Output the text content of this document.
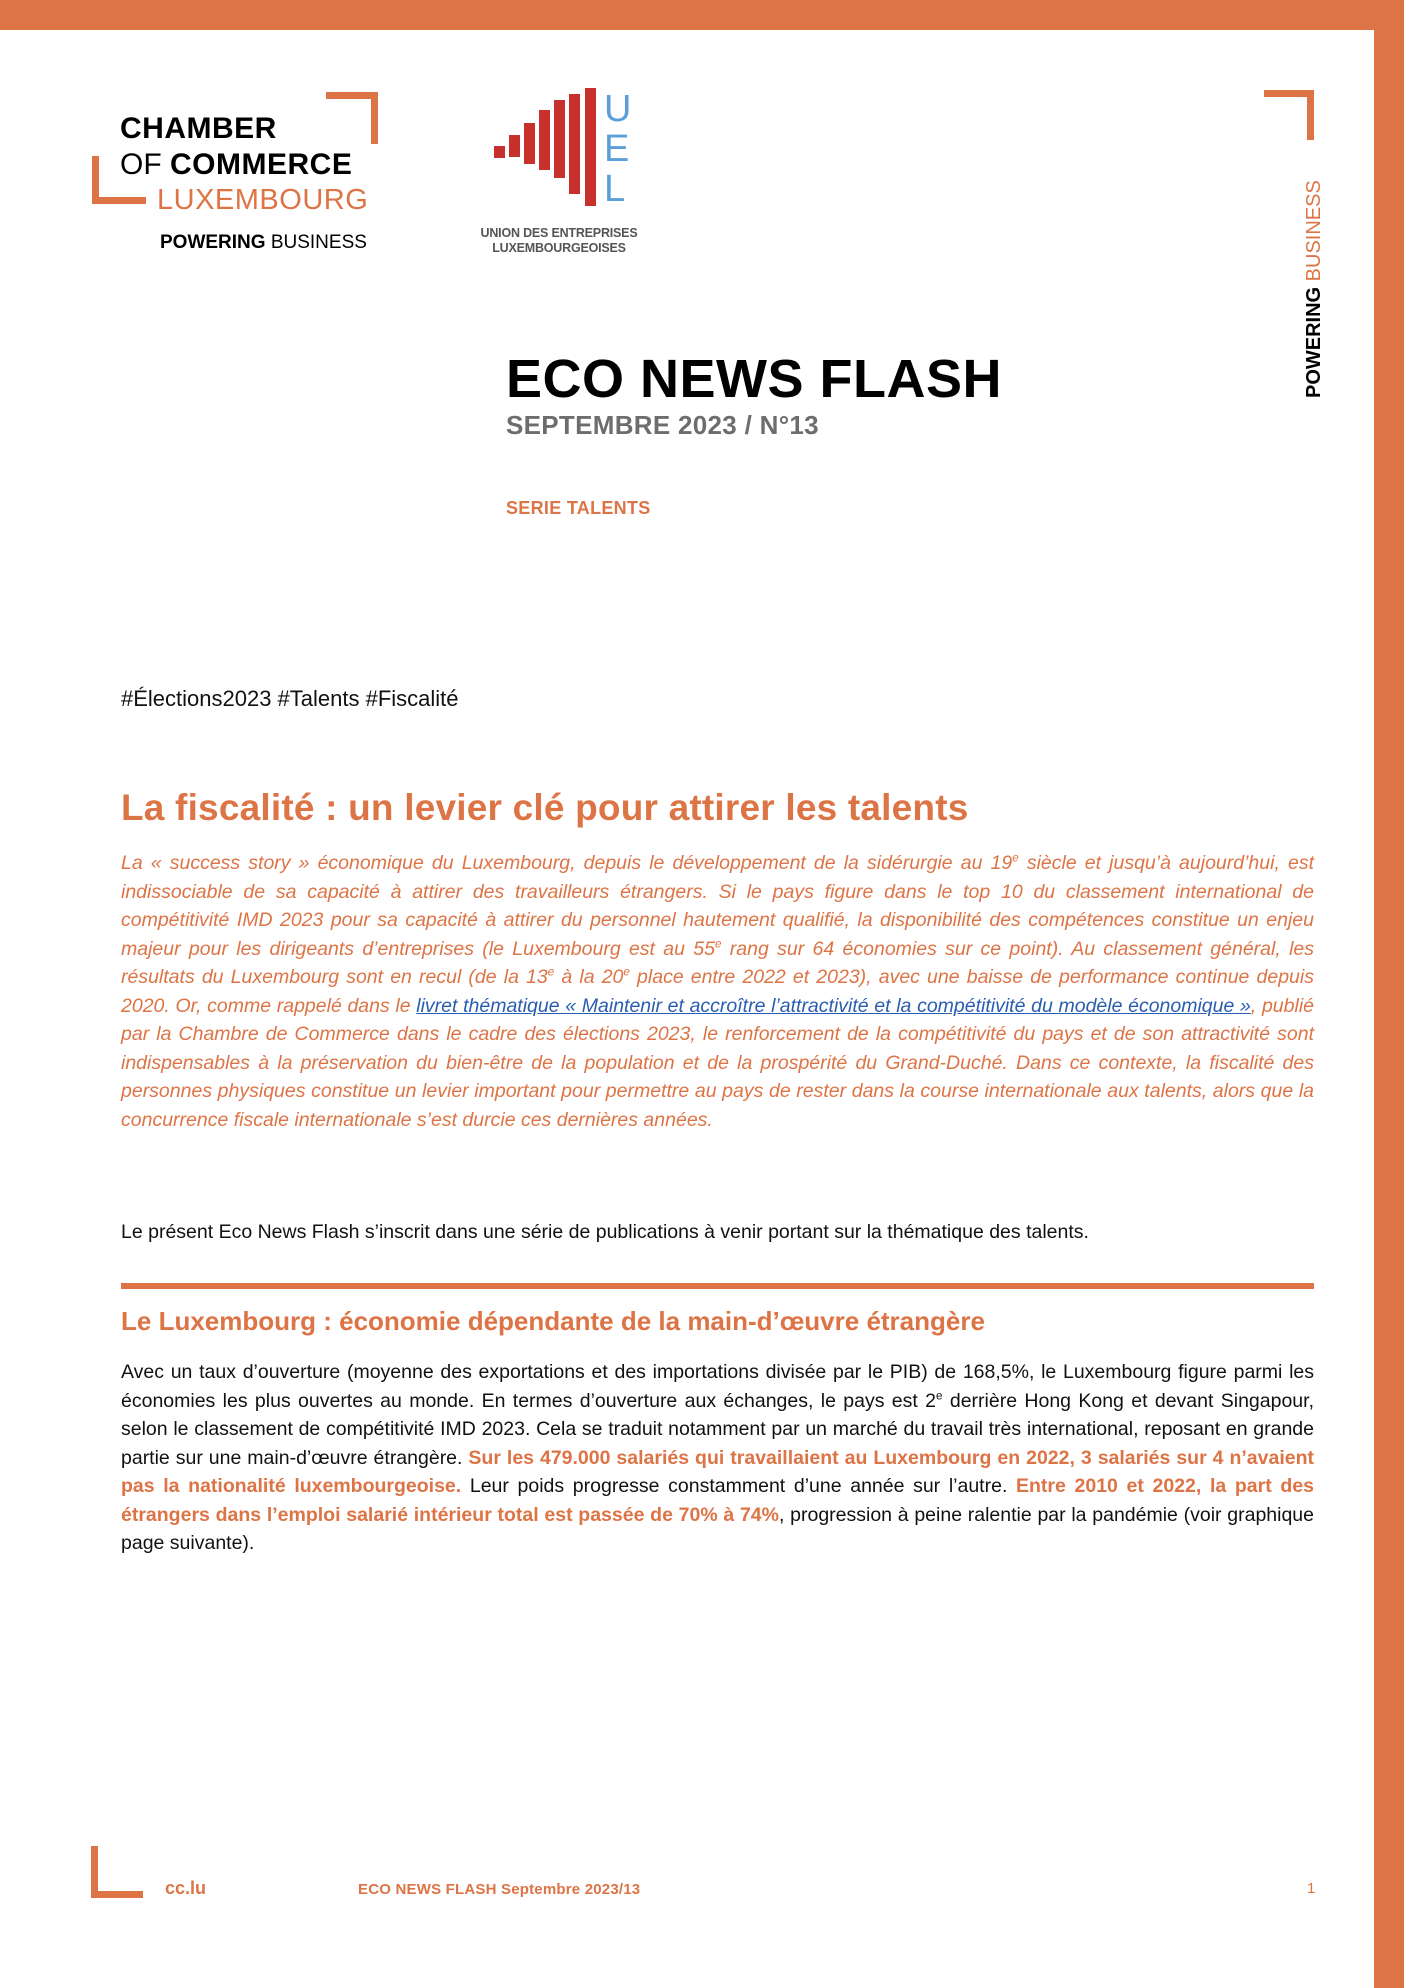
CHAMBER
OF COMMERCE
LUXEMBOURG
POWERING BUSINESS
U
E
L
UNION DES ENTREPRISES
LUXEMBOURGEOISES
POWERING BUSINESS
ECO NEWS FLASH
SEPTEMBRE 2023 / N°13
SERIE TALENTS
#Élections2023 #Talents #Fiscalité
La fiscalité : un levier clé pour attirer les talents

La « success story » économique du Luxembourg, depuis le développement de la sidérurgie au 19e siècle et jusqu’à aujourd’hui, est indissociable de sa capacité à attirer des travailleurs étrangers. Si le pays figure dans le top 10 du classement international de compétitivité IMD 2023 pour sa capacité à attirer du personnel hautement qualifié, la disponibilité des compétences constitue un enjeu majeur pour les dirigeants d’entreprises (le Luxembourg est au 55e rang sur 64 économies sur ce point). Au classement général, les résultats du Luxembourg sont en recul (de la 13e à la 20e place entre 2022 et 2023), avec une baisse de performance continue depuis 2020. Or, comme rappelé dans le livret thématique « Maintenir et accroître l’attractivité et la compétitivité du modèle économique », publié par la Chambre de Commerce dans le cadre des élections 2023, le renforcement de la compétitivité du pays et de son attractivité sont indispensables à la préservation du bien-être de la population et de la prospérité du Grand-Duché. Dans ce contexte, la fiscalité des personnes physiques constitue un levier important pour permettre au pays de rester dans la course internationale aux talents, alors que la concurrence fiscale internationale s’est durcie ces dernières années.

Le présent Eco News Flash s’inscrit dans une série de publications à venir portant sur la thématique des talents.

Le Luxembourg : économie dépendante de la main-d’œuvre étrangère

Avec un taux d’ouverture (moyenne des exportations et des importations divisée par le PIB) de 168,5%, le Luxembourg figure parmi les économies les plus ouvertes au monde. En termes d’ouverture aux échanges, le pays est 2e derrière Hong Kong et devant Singapour, selon le classement de compétitivité IMD 2023. Cela se traduit notamment par un marché du travail très international, reposant en grande partie sur une main-d’œuvre étrangère. Sur les 479.000 salariés qui travaillaient au Luxembourg en 2022, 3 salariés sur 4 n’avaient pas la nationalité luxembourgeoise. Leur poids progresse constamment d’une année sur l’autre. Entre 2010 et 2022, la part des étrangers dans l’emploi salarié intérieur total est passée de 70% à 74%, progression à peine ralentie par la pandémie (voir graphique page suivante).

cc.lu	ECO NEWS FLASH Septembre 2023/13	1
